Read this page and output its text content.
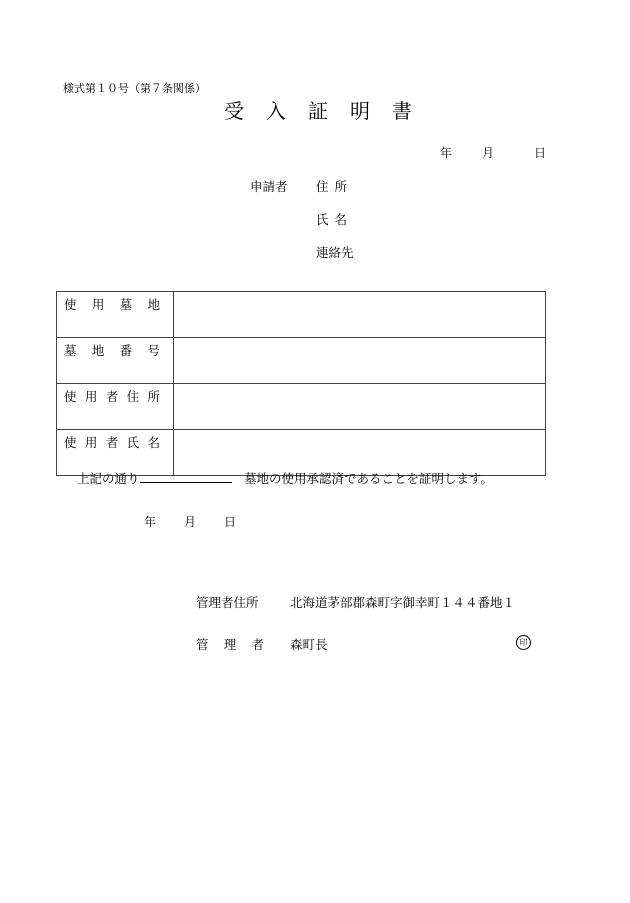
様式第１０号（第７条関係）
受入証明書
年 月	日
申請者 住所
氏名
連絡先
使用墓地	
墓地番号	
使用者住所	
使用者氏名	
上記の通り　	墓地の使用承認済であることを証明します。
年 月 日
管理者住所	北海道茅部郡森町字御幸町１４４番地１
管理者 森町長	印
